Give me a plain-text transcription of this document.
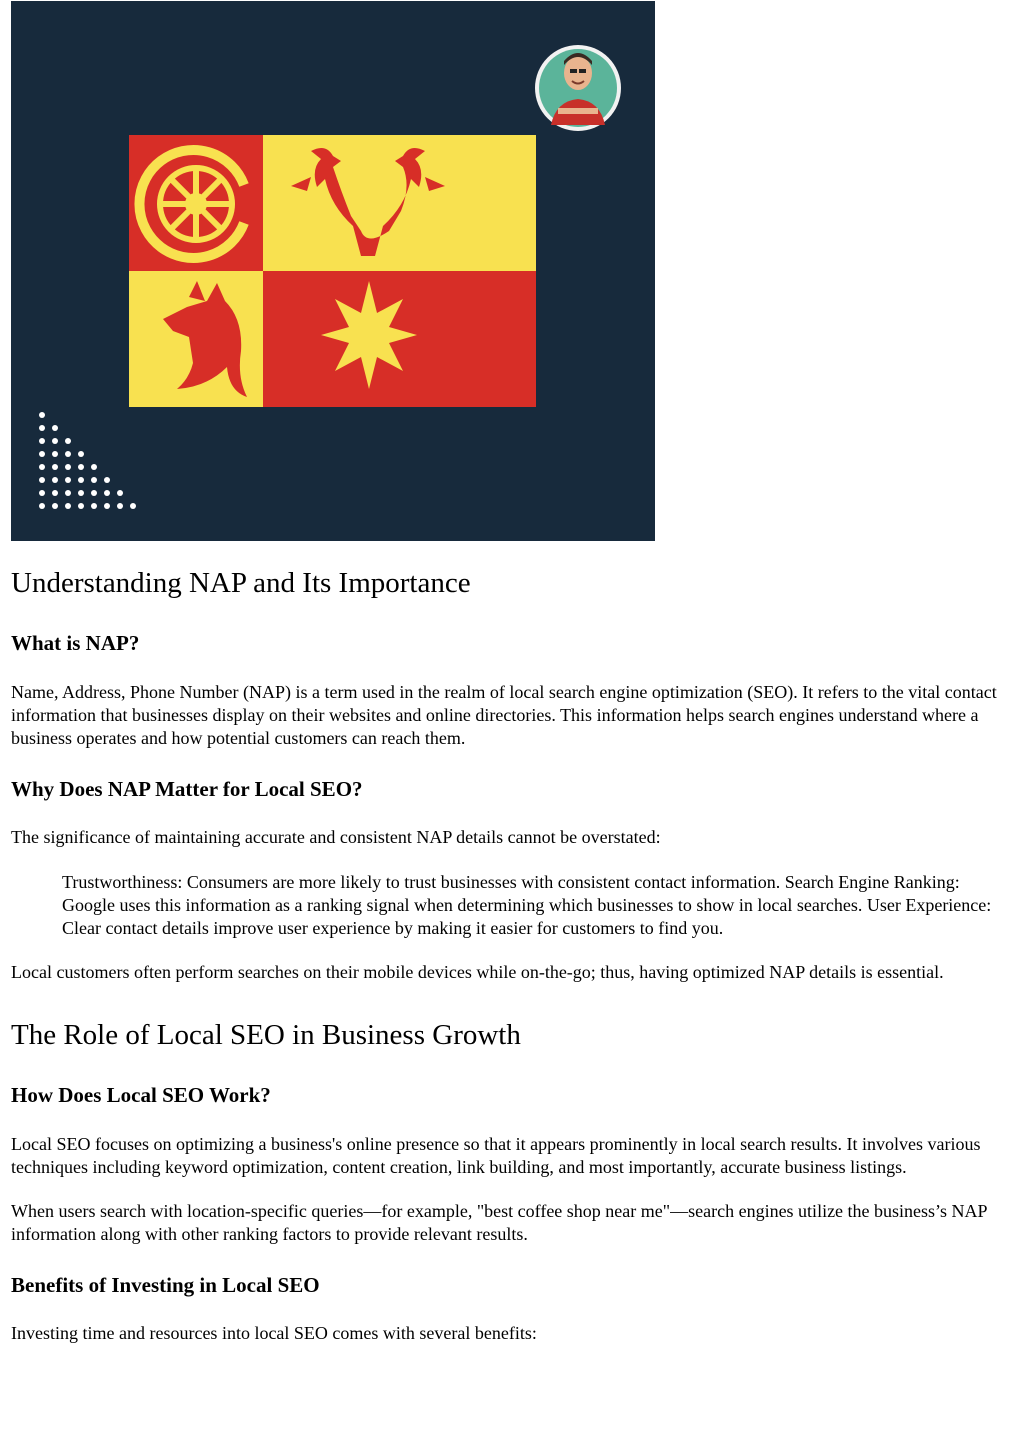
Understanding NAP and Its Importance
What is NAP?

Name, Address, Phone Number (NAP) is a term used in the realm of local search engine optimization (SEO). It refers to the vital contact information that businesses display on their websites and online directories. This information helps search engines understand where a business operates and how potential customers can reach them.

Why Does NAP Matter for Local SEO?

The significance of maintaining accurate and consistent NAP details cannot be overstated:

Trustworthiness: Consumers are more likely to trust businesses with consistent contact information. Search Engine Ranking: Google uses this information as a ranking signal when determining which businesses to show in local searches. User Experience: Clear contact details improve user experience by making it easier for customers to find you.

Local customers often perform searches on their mobile devices while on-the-go; thus, having optimized NAP details is essential.

The Role of Local SEO in Business Growth
How Does Local SEO Work?

Local SEO focuses on optimizing a business's online presence so that it appears prominently in local search results. It involves various techniques including keyword optimization, content creation, link building, and most importantly, accurate business listings.

When users search with location-specific queries—for example, "best coffee shop near me"—search engines utilize the business’s NAP information along with other ranking factors to provide relevant results.

Benefits of Investing in Local SEO

Investing time and resources into local SEO comes with several benefits:
